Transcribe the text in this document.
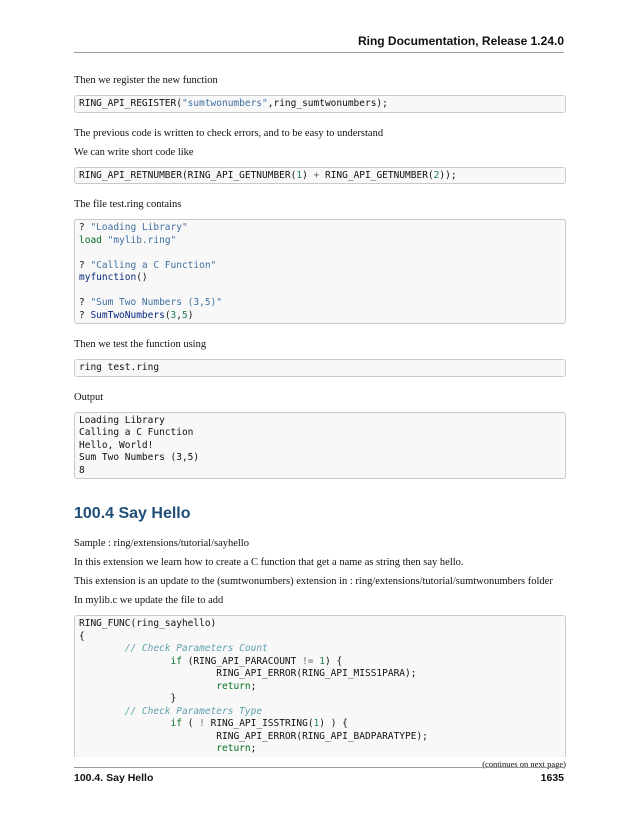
Ring Documentation, Release 1.24.0

Then we register the new function

RING_API_REGISTER("sumtwonumbers",ring_sumtwonumbers);

The previous code is written to check errors, and to be easy to understand

We can write short code like

RING_API_RETNUMBER(RING_API_GETNUMBER(1) + RING_API_GETNUMBER(2));

The file test.ring contains

? "Loading Library"
load "mylib.ring"

? "Calling a C Function"
myfunction()

? "Sum Two Numbers (3,5)"
? SumTwoNumbers(3,5)

Then we test the function using

ring test.ring

Output

Loading Library
Calling a C Function
Hello, World!
Sum Two Numbers (3,5)
8
100.4 Say Hello

Sample : ring/extensions/tutorial/sayhello

In this extension we learn how to create a C function that get a name as string then say hello.

This extension is an update to the (sumtwonumbers) extension in : ring/extensions/tutorial/sumtwonumbers folder

In mylib.c we update the file to add

RING_FUNC(ring_sayhello)
{
	// Check Parameters Count
		if (RING_API_PARACOUNT != 1) {
			RING_API_ERROR(RING_API_MISS1PARA);
			return;
		}
	// Check Parameters Type
		if ( ! RING_API_ISSTRING(1) ) {
			RING_API_ERROR(RING_API_BADPARATYPE);
			return;
(continues on next page)
100.4. Say Hello	1635
